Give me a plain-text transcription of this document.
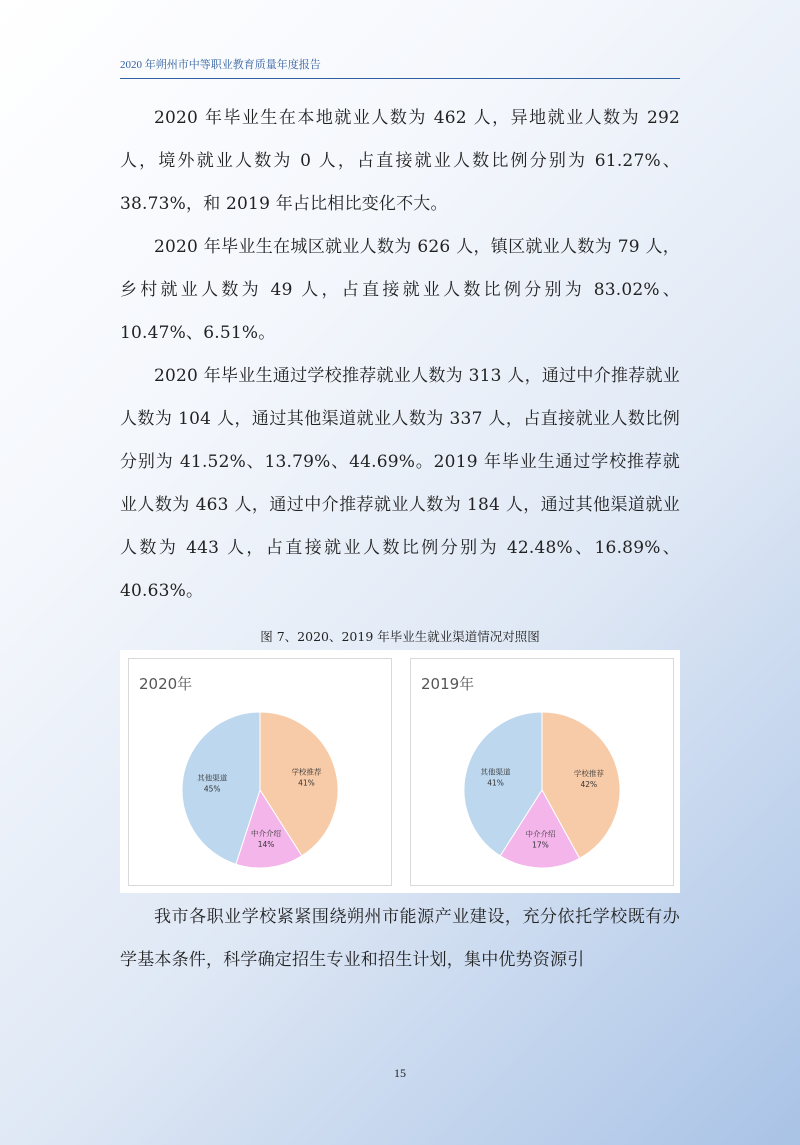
2020 年朔州市中等职业教育质量年度报告

2020 年毕业生在本地就业人数为 462 人，异地就业人数为 292 人，境外就业人数为 0 人，占直接就业人数比例分别为 61.27%、38.73%，和 2019 年占比相比变化不大。

2020 年毕业生在城区就业人数为 626 人，镇区就业人数为 79 人，乡村就业人数为 49 人，占直接就业人数比例分别为 83.02%、10.47%、6.51%。

2020 年毕业生通过学校推荐就业人数为 313 人，通过中介推荐就业人数为 104 人，通过其他渠道就业人数为 337 人，占直接就业人数比例分别为 41.52%、13.79%、44.69%。2019 年毕业生通过学校推荐就业人数为 463 人，通过中介推荐就业人数为 184 人，通过其他渠道就业人数为 443 人，占直接就业人数比例分别为 42.48%、16.89%、40.63%。

图 7、2020、2019 年毕业生就业渠道情况对照图
2020年
学校推荐
41%
中介介绍
14%
其他渠道
45%
2019年
学校推荐
42%
中介介绍
17%
其他渠道
41%

我市各职业学校紧紧围绕朔州市能源产业建设，充分依托学校既有办学基本条件，科学确定招生专业和招生计划，集中优势资源引

15
